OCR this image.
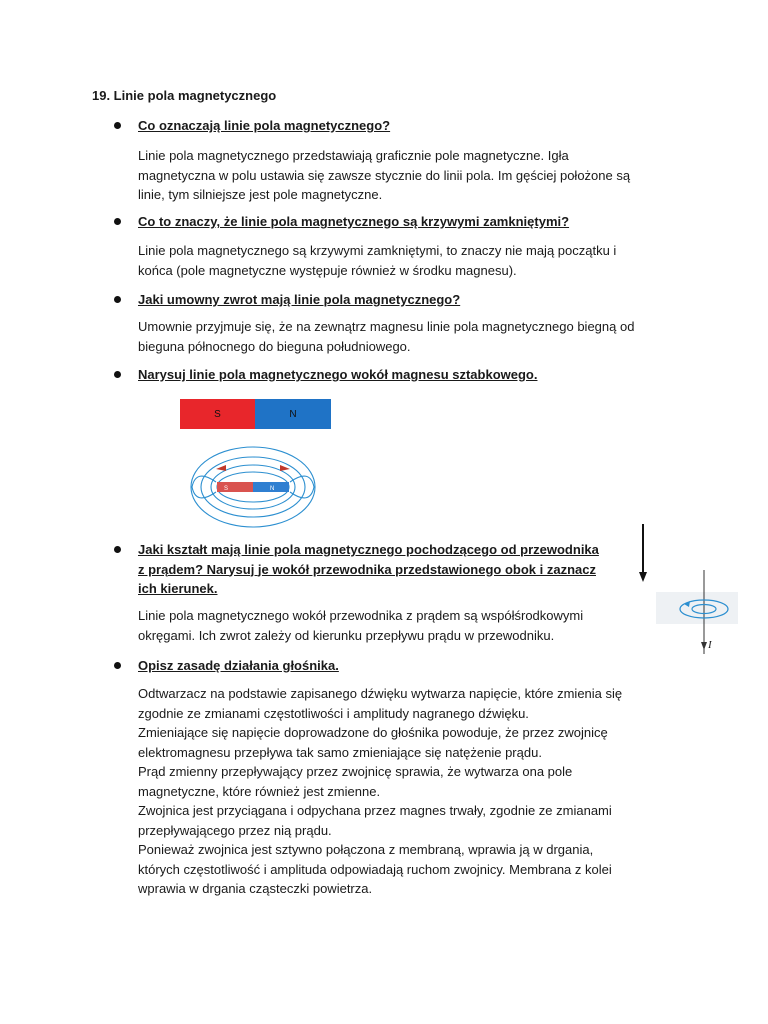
19. Linie pola magnetycznego
Co oznaczają linie pola magnetycznego?
Linie pola magnetycznego przedstawiają graficznie pole magnetyczne. Igła
magnetyczna w polu ustawia się zawsze stycznie do linii pola. Im gęściej położone są
linie, tym silniejsze jest pole magnetyczne.
Co to znaczy, że linie pola magnetycznego są krzywymi zamkniętymi?
Linie pola magnetycznego są krzywymi zamkniętymi, to znaczy nie mają początku i
końca (pole magnetyczne występuje również w środku magnesu).
Jaki umowny zwrot mają linie pola magnetycznego?
Umownie przyjmuje się, że na zewnątrz magnesu linie pola magnetycznego biegną od
bieguna północnego do bieguna południowego.
Narysuj linie pola magnetycznego wokół magnesu sztabkowego.
S	N
S	N
Jaki kształt mają linie pola magnetycznego pochodzącego od przewodnika
z prądem? Narysuj je wokół przewodnika przedstawionego obok i zaznacz
ich kierunek.
Linie pola magnetycznego wokół przewodnika z prądem są współśrodkowymi
okręgami. Ich zwrot zależy od kierunku przepływu prądu w przewodniku.
I
Opisz zasadę działania głośnika.
Odtwarzacz na podstawie zapisanego dźwięku wytwarza napięcie, które zmienia się
zgodnie ze zmianami częstotliwości i amplitudy nagranego dźwięku.
Zmieniające się napięcie doprowadzone do głośnika powoduje, że przez zwojnicę
elektromagnesu przepływa tak samo zmieniające się natężenie prądu.
Prąd zmienny przepływający przez zwojnicę sprawia, że wytwarza ona pole
magnetyczne, które również jest zmienne.
Zwojnica jest przyciągana i odpychana przez magnes trwały, zgodnie ze zmianami
przepływającego przez nią prądu.
Ponieważ zwojnica jest sztywno połączona z membraną, wprawia ją w drgania,
których częstotliwość i amplituda odpowiadają ruchom zwojnicy. Membrana z kolei
wprawia w drgania cząsteczki powietrza.
